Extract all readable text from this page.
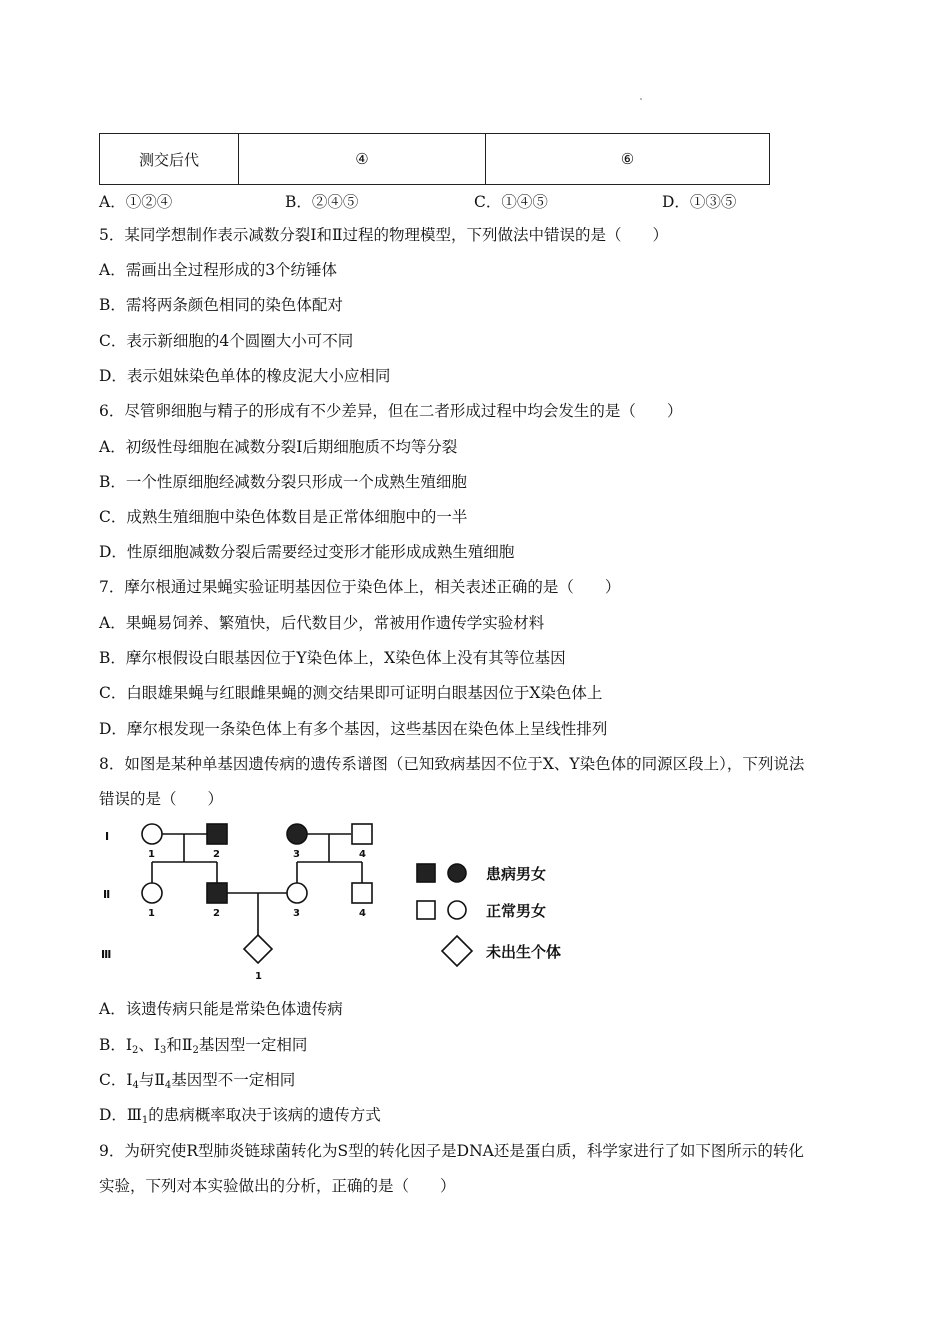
测交后代	④	⑥
A．①②④	B．②④⑤	C．①④⑤	D．①③⑤
5．某同学想制作表示减数分裂Ⅰ和Ⅱ过程的物理模型，下列做法中错误的是（　　）
A．需画出全过程形成的3个纺锤体
B．需将两条颜色相同的染色体配对
C．表示新细胞的4个圆圈大小可不同
D．表示姐妹染色单体的橡皮泥大小应相同
6．尽管卵细胞与精子的形成有不少差异，但在二者形成过程中均会发生的是（　　）
A．初级性母细胞在减数分裂Ⅰ后期细胞质不均等分裂
B．一个性原细胞经减数分裂只形成一个成熟生殖细胞
C．成熟生殖细胞中染色体数目是正常体细胞中的一半
D．性原细胞减数分裂后需要经过变形才能形成成熟生殖细胞
7．摩尔根通过果蝇实验证明基因位于染色体上，相关表述正确的是（　　）
A．果蝇易饲养、繁殖快，后代数目少，常被用作遗传学实验材料
B．摩尔根假设白眼基因位于Y染色体上，X染色体上没有其等位基因
C．白眼雄果蝇与红眼雌果蝇的测交结果即可证明白眼基因位于X染色体上
D．摩尔根发现一条染色体上有多个基因，这些基因在染色体上呈线性排列
8．如图是某种单基因遗传病的遗传系谱图（已知致病基因不位于X、Y染色体的同源区段上），下列说法
错误的是（　　）
Ⅰ
Ⅱ
Ⅲ
1	2	3	4
1	2	3	4
1
患病男女
正常男女
未出生个体
A．该遗传病只能是常染色体遗传病
B．$Ⅰ_2$、$Ⅰ_3$和$Ⅱ_2$基因型一定相同
C．$Ⅰ_4$与$Ⅱ_4$基因型不一定相同
D．$Ⅲ_1$的患病概率取决于该病的遗传方式
9．为研究使R型肺炎链球菌转化为S型的转化因子是DNA还是蛋白质，科学家进行了如下图所示的转化
实验，下列对本实验做出的分析，正确的是（　　）
